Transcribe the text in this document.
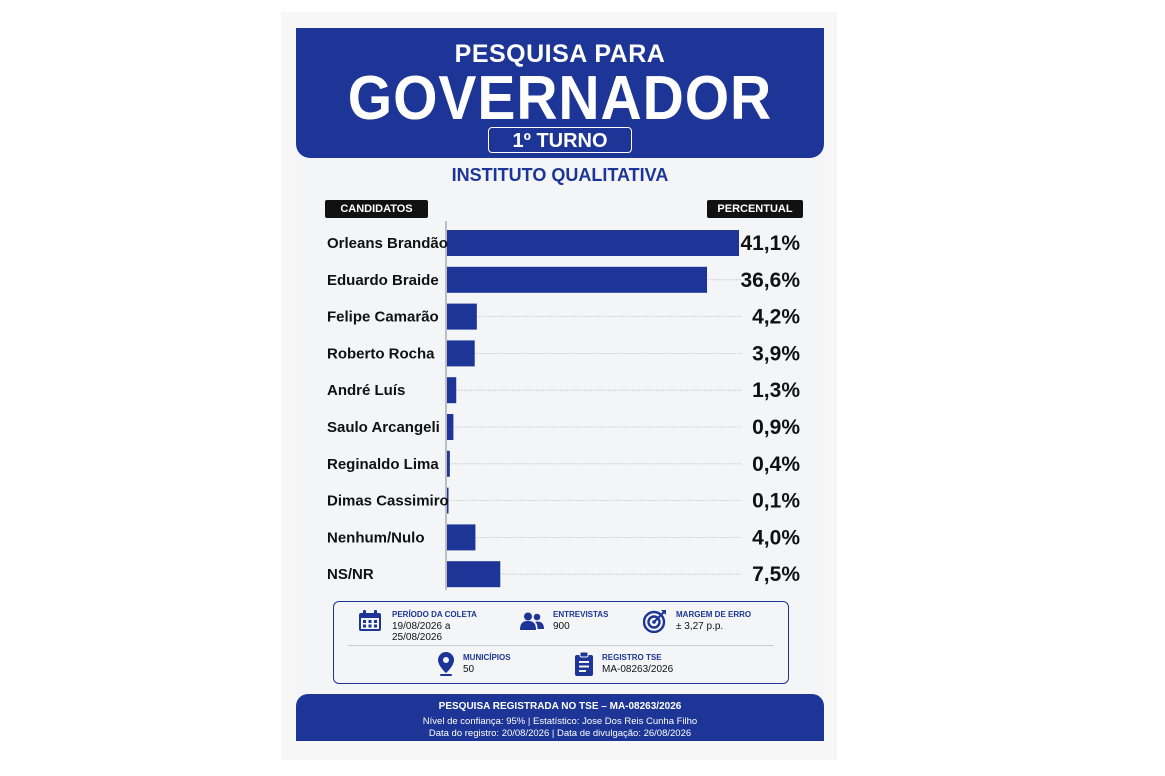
PESQUISA PARA
GOVERNADOR
1º TURNO
INSTITUTO QUALITATIVA
CANDIDATOS	PERCENTUAL
Orleans Brandão	41,1%
Eduardo Braide	36,6%
Felipe Camarão	4,2%
Roberto Rocha	3,9%
André Luís	1,3%
Saulo Arcangeli	0,9%
Reginaldo Lima	0,4%
Dimas Cassimiro	0,1%
Nenhum/Nulo	4,0%
NS/NR	7,5%
PERÍODO DA COLETA
19/08/2026 a
25/08/2026
ENTREVISTAS
900
MARGEM DE ERRO
± 3,27 p.p.
MUNICÍPIOS
50
REGISTRO TSE
MA-08263/2026
PESQUISA REGISTRADA NO TSE – MA-08263/2026
Nível de confiança: 95% | Estatístico: Jose Dos Reis Cunha Filho
Data do registro: 20/08/2026 | Data de divulgação: 26/08/2026
